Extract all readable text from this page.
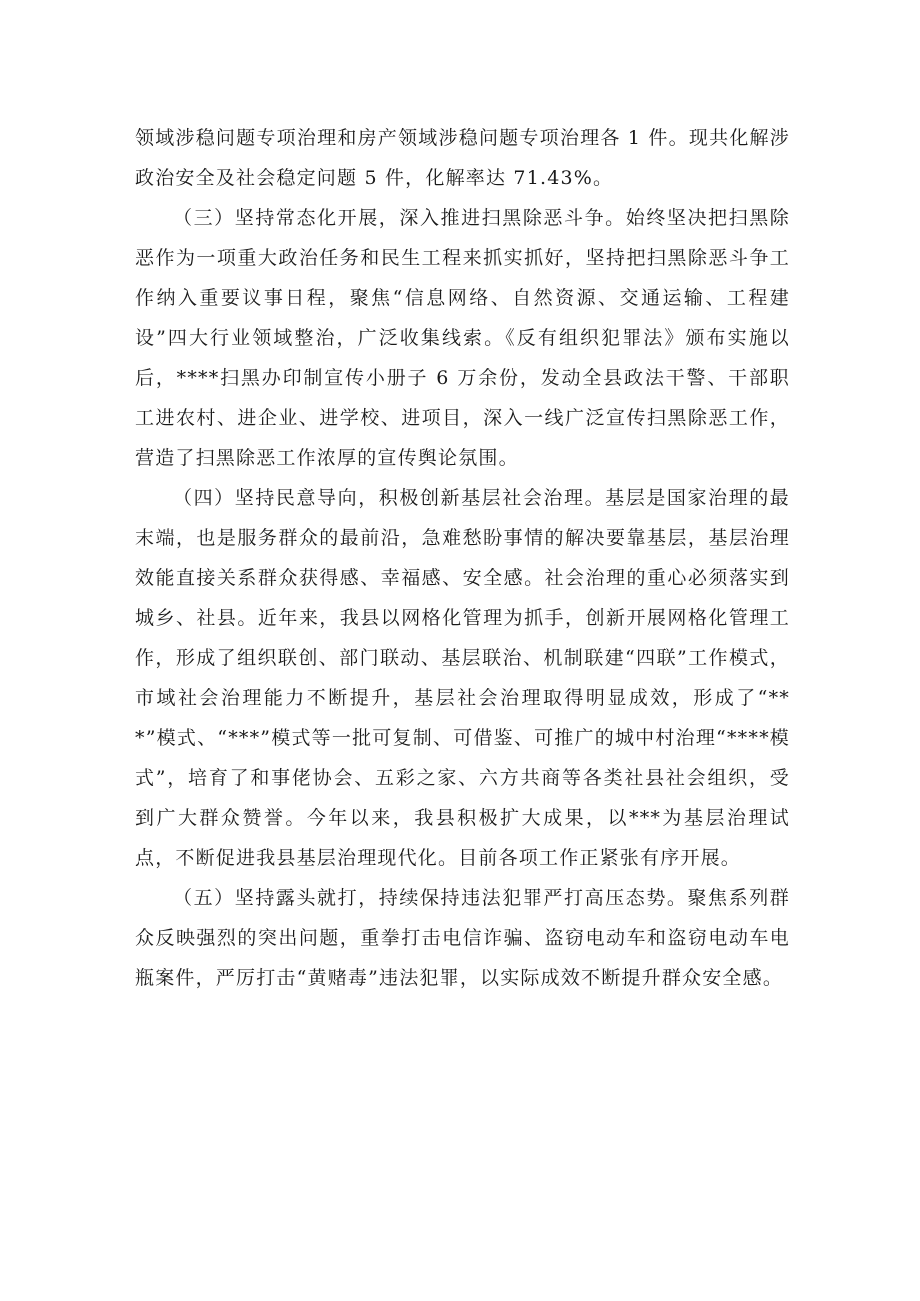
领域涉稳问题专项治理和房产领域涉稳问题专项治理各 1 件。现共化解涉政治安全及社会稳定问题 5 件，化解率达 71.43%。

（三）坚持常态化开展，深入推进扫黑除恶斗争。始终坚决把扫黑除恶作为一项重大政治任务和民生工程来抓实抓好，坚持把扫黑除恶斗争工作纳入重要议事日程，聚焦“信息网络、自然资源、交通运输、工程建设”四大行业领域整治，广泛收集线索。《反有组织犯罪法》颁布实施以后，****扫黑办印制宣传小册子 6 万余份，发动全县政法干警、干部职工进农村、进企业、进学校、进项目，深入一线广泛宣传扫黑除恶工作，营造了扫黑除恶工作浓厚的宣传舆论氛围。

（四）坚持民意导向，积极创新基层社会治理。基层是国家治理的最末端，也是服务群众的最前沿，急难愁盼事情的解决要靠基层，基层治理效能直接关系群众获得感、幸福感、安全感。社会治理的重心必须落实到城乡、社县。近年来，我县以网格化管理为抓手，创新开展网格化管理工作，形成了组织联创、部门联动、基层联治、机制联建“四联”工作模式，市域社会治理能力不断提升，基层社会治理取得明显成效，形成了“***”模式、“***”模式等一批可复制、可借鉴、可推广的城中村治理“****模式”，培育了和事佬协会、五彩之家、六方共商等各类社县社会组织，受到广大群众赞誉。今年以来，我县积极扩大成果，以***为基层治理试点，不断促进我县基层治理现代化。目前各项工作正紧张有序开展。

（五）坚持露头就打，持续保持违法犯罪严打高压态势。聚焦系列群众反映强烈的突出问题，重拳打击电信诈骗、盗窃电动车和盗窃电动车电瓶案件，严厉打击“黄赌毒”违法犯罪，以实际成效不断提升群众安全感。
